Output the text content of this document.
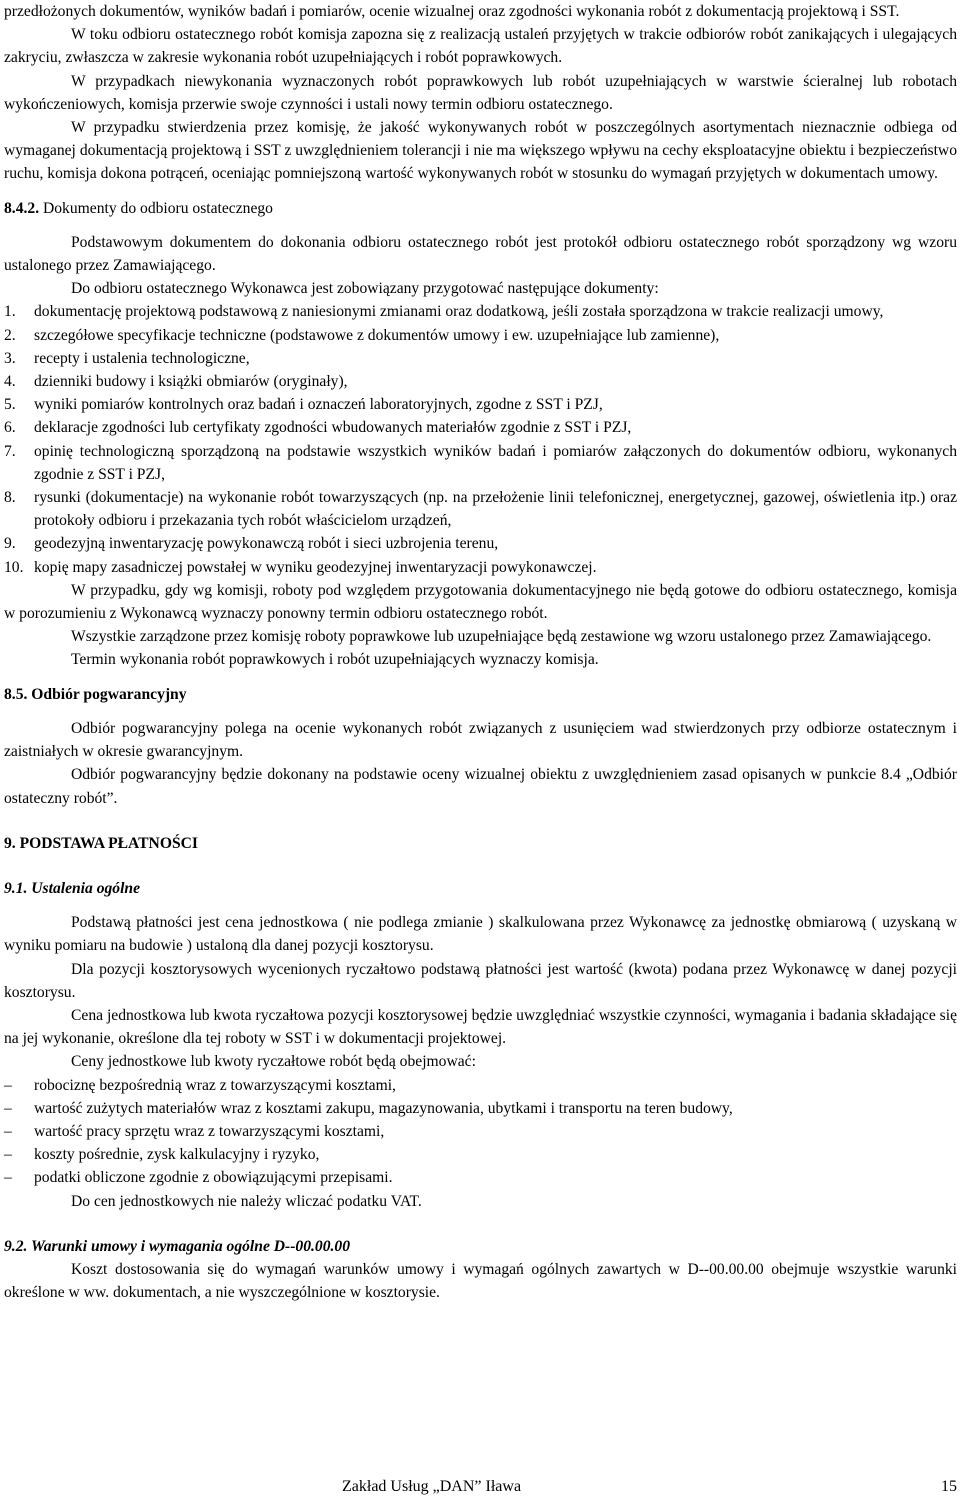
przedłożonych dokumentów, wyników badań i pomiarów, ocenie wizualnej oraz zgodności wykonania robót z dokumentacją projektową i SST.

W toku odbioru ostatecznego robót komisja zapozna się z realizacją ustaleń przyjętych w trakcie odbiorów robót zanikających i ulegających zakryciu, zwłaszcza w zakresie wykonania robót uzupełniających i robót poprawkowych.

W przypadkach niewykonania wyznaczonych robót poprawkowych lub robót uzupełniających w warstwie ścieralnej lub robotach wykończeniowych, komisja przerwie swoje czynności i ustali nowy termin odbioru ostatecznego.

W przypadku stwierdzenia przez komisję, że jakość wykonywanych robót w poszczególnych asortymentach nieznacznie odbiega od wymaganej dokumentacją projektową i SST z uwzględnieniem tolerancji i nie ma większego wpływu na cechy eksploatacyjne obiektu i bezpieczeństwo ruchu, komisja dokona potrąceń, oceniając pomniejszoną wartość wykonywanych robót w stosunku do wymagań przyjętych w dokumentach umowy.

8.4.2. Dokumenty do odbioru ostatecznego

Podstawowym dokumentem do dokonania odbioru ostatecznego robót jest protokół odbioru ostatecznego robót sporządzony wg wzoru ustalonego przez Zamawiającego.

Do odbioru ostatecznego Wykonawca jest zobowiązany przygotować następujące dokumenty:

1. dokumentację projektową podstawową z naniesionymi zmianami oraz dodatkową, jeśli została sporządzona w trakcie realizacji umowy,
2. szczegółowe specyfikacje techniczne (podstawowe z dokumentów umowy i ew. uzupełniające lub zamienne),
3. recepty i ustalenia technologiczne,
4. dzienniki budowy i książki obmiarów (oryginały),
5. wyniki pomiarów kontrolnych oraz badań i oznaczeń laboratoryjnych, zgodne z SST i PZJ,
6. deklaracje zgodności lub certyfikaty zgodności wbudowanych materiałów zgodnie z SST i PZJ,
7. opinię technologiczną sporządzoną na podstawie wszystkich wyników badań i pomiarów załączonych do dokumentów odbioru, wykonanych zgodnie z SST i PZJ,
8. rysunki (dokumentacje) na wykonanie robót towarzyszących (np. na przełożenie linii telefonicznej, energetycznej, gazowej, oświetlenia itp.) oraz protokoły odbioru i przekazania tych robót właścicielom urządzeń,
9. geodezyjną inwentaryzację powykonawczą robót i sieci uzbrojenia terenu,
10. kopię mapy zasadniczej powstałej w wyniku geodezyjnej inwentaryzacji powykonawczej.

W przypadku, gdy wg komisji, roboty pod względem przygotowania dokumentacyjnego nie będą gotowe do odbioru ostatecznego, komisja w porozumieniu z Wykonawcą wyznaczy ponowny termin odbioru ostatecznego robót.

Wszystkie zarządzone przez komisję roboty poprawkowe lub uzupełniające będą zestawione wg wzoru ustalonego przez Zamawiającego.

Termin wykonania robót poprawkowych i robót uzupełniających wyznaczy komisja.

8.5. Odbiór pogwarancyjny

Odbiór pogwarancyjny polega na ocenie wykonanych robót związanych z usunięciem wad stwierdzonych przy odbiorze ostatecznym i zaistniałych w okresie gwarancyjnym.

Odbiór pogwarancyjny będzie dokonany na podstawie oceny wizualnej obiektu z uwzględnieniem zasad opisanych w punkcie 8.4 „Odbiór ostateczny robót”.

9. PODSTAWA PŁATNOŚCI
9.1. Ustalenia ogólne

Podstawą płatności jest cena jednostkowa ( nie podlega zmianie ) skalkulowana przez Wykonawcę za jednostkę obmiarową ( uzyskaną w wyniku pomiaru na budowie ) ustaloną dla danej pozycji kosztorysu.

Dla pozycji kosztorysowych wycenionych ryczałtowo podstawą płatności jest wartość (kwota) podana przez Wykonawcę w danej pozycji kosztorysu.

Cena jednostkowa lub kwota ryczałtowa pozycji kosztorysowej będzie uwzględniać wszystkie czynności, wymagania i badania składające się na jej wykonanie, określone dla tej roboty w SST i w dokumentacji projektowej.

Ceny jednostkowe lub kwoty ryczałtowe robót będą obejmować:

– robociznę bezpośrednią wraz z towarzyszącymi kosztami,
– wartość zużytych materiałów wraz z kosztami zakupu, magazynowania, ubytkami i transportu na teren budowy,
– wartość pracy sprzętu wraz z towarzyszącymi kosztami,
– koszty pośrednie, zysk kalkulacyjny i ryzyko,
– podatki obliczone zgodnie z obowiązującymi przepisami.

Do cen jednostkowych nie należy wliczać podatku VAT.

9.2. Warunki umowy i wymagania ogólne D--00.00.00

Koszt dostosowania się do wymagań warunków umowy i wymagań ogólnych zawartych w D--00.00.00 obejmuje wszystkie warunki określone w ww. dokumentach, a nie wyszczególnione w kosztorysie.

Zakład Usług „DAN” Iława	15
